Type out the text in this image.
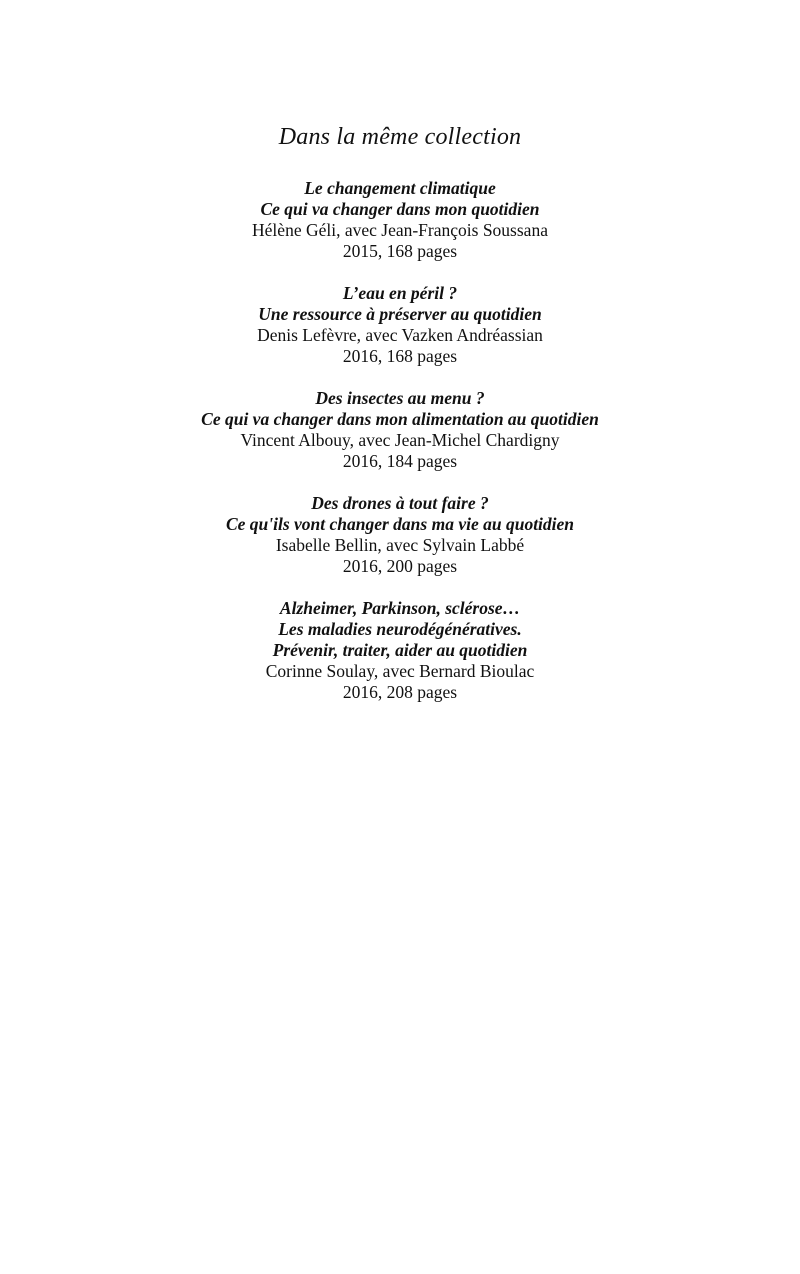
Dans la même collection
Le changement climatique
Ce qui va changer dans mon quotidien
Hélène Géli, avec Jean-François Soussana
2015, 168 pages
L’eau en péril ?
Une ressource à préserver au quotidien
Denis Lefèvre, avec Vazken Andréassian
2016, 168 pages
Des insectes au menu ?
Ce qui va changer dans mon alimentation au quotidien
Vincent Albouy, avec Jean-Michel Chardigny
2016, 184 pages
Des drones à tout faire ?
Ce qu'ils vont changer dans ma vie au quotidien
Isabelle Bellin, avec Sylvain Labbé
2016, 200 pages
Alzheimer, Parkinson, sclérose…
Les maladies neurodégénératives.
Prévenir, traiter, aider au quotidien
Corinne Soulay, avec Bernard Bioulac
2016, 208 pages
